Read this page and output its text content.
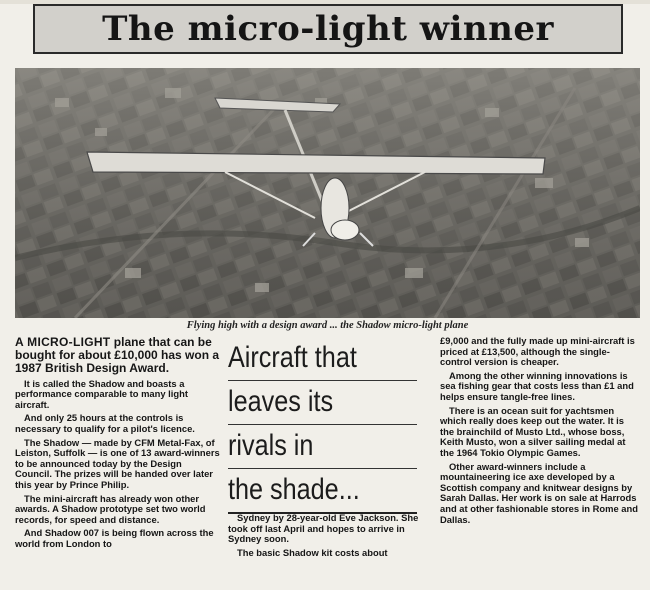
The micro-light winner
Flying high with a design award ... the Shadow micro-light plane

A MICRO-LIGHT plane that can be bought for about £10,000 has won a 1987 British Design Award.

It is called the Shadow and boasts a performance comparable to many light aircraft.

And only 25 hours at the controls is necessary to qualify for a pilot's licence.

The Shadow — made by CFM Metal-Fax, of Leiston, Suffolk — is one of 13 award-winners to be announced today by the Design Council. The prizes will be handed over later this year by Prince Philip.

The mini-aircraft has already won other awards. A Shadow prototype set two world records, for speed and distance.

And Shadow 007 is being flown across the world from London to

Aircraft that
leaves its
rivals in
the shade...

Sydney by 28-year-old Eve Jackson. She took off last April and hopes to arrive in Sydney soon.

The basic Shadow kit costs about

£9,000 and the fully made up mini-aircraft is priced at £13,500, although the single-control version is cheaper.

Among the other winning innovations is sea fishing gear that costs less than £1 and helps ensure tangle-free lines.

There is an ocean suit for yachtsmen which really does keep out the water. It is the brainchild of Musto Ltd., whose boss, Keith Musto, won a silver sailing medal at the 1964 Tokio Olympic Games.

Other award-winners include a mountaineering ice axe developed by a Scottish company and knitwear designs by Sarah Dallas. Her work is on sale at Harrods and at other fashionable stores in Rome and Dallas.
